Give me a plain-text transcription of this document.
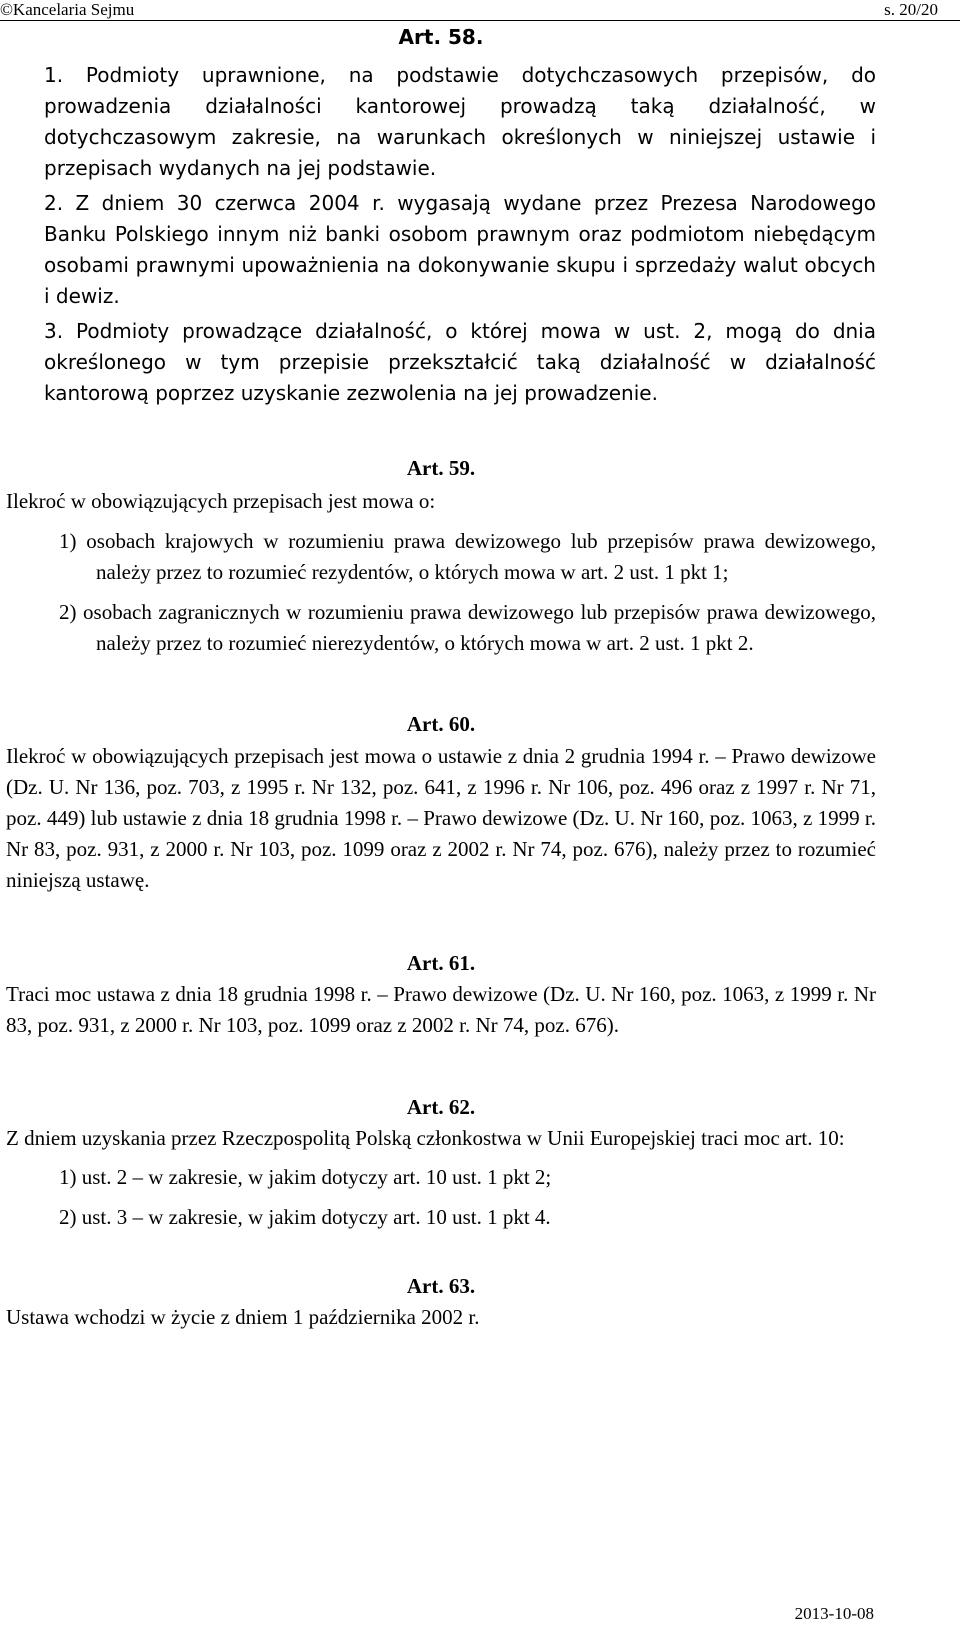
©Kancelaria Sejmu	s. 20/20

Art. 58.

1. Podmioty uprawnione, na podstawie dotychczasowych przepisów, do prowadzenia działalności kantorowej prowadzą taką działalność, w dotychczasowym zakresie, na warunkach określonych w niniejszej ustawie i przepisach wydanych na jej podstawie.

2. Z dniem 30 czerwca 2004 r. wygasają wydane przez Prezesa Narodowego Banku Polskiego innym niż banki osobom prawnym oraz podmiotom niebędącym osobami prawnymi upoważnienia na dokonywanie skupu i sprzedaży walut obcych i dewiz.

3. Podmioty prowadzące działalność, o której mowa w ust. 2, mogą do dnia określonego w tym przepisie przekształcić taką działalność w działalność kantorową poprzez uzyskanie zezwolenia na jej prowadzenie.

Art. 59.

Ilekroć w obowiązujących przepisach jest mowa o:

1) osobach krajowych w rozumieniu prawa dewizowego lub przepisów prawa dewizowego, należy przez to rozumieć rezydentów, o których mowa w art. 2 ust. 1 pkt 1;

2) osobach zagranicznych w rozumieniu prawa dewizowego lub przepisów prawa dewizowego, należy przez to rozumieć nierezydentów, o których mowa w art. 2 ust. 1 pkt 2.

Art. 60.

Ilekroć w obowiązujących przepisach jest mowa o ustawie z dnia 2 grudnia 1994 r. – Prawo dewizowe (Dz. U. Nr 136, poz. 703, z 1995 r. Nr 132, poz. 641, z 1996 r. Nr 106, poz. 496 oraz z 1997 r. Nr 71, poz. 449) lub ustawie z dnia 18 grudnia 1998 r. – Prawo dewizowe (Dz. U. Nr 160, poz. 1063, z 1999 r. Nr 83, poz. 931, z 2000 r. Nr 103, poz. 1099 oraz z 2002 r. Nr 74, poz. 676), należy przez to rozumieć niniejszą ustawę.

Art. 61.

Traci moc ustawa z dnia 18 grudnia 1998 r. – Prawo dewizowe (Dz. U. Nr 160, poz. 1063, z 1999 r. Nr 83, poz. 931, z 2000 r. Nr 103, poz. 1099 oraz z 2002 r. Nr 74, poz. 676).

Art. 62.

Z dniem uzyskania przez Rzeczpospolitą Polską członkostwa w Unii Europejskiej traci moc art. 10:

1) ust. 2 – w zakresie, w jakim dotyczy art. 10 ust. 1 pkt 2;

2) ust. 3 – w zakresie, w jakim dotyczy art. 10 ust. 1 pkt 4.

Art. 63.

Ustawa wchodzi w życie z dniem 1 października 2002 r.

2013-10-08
